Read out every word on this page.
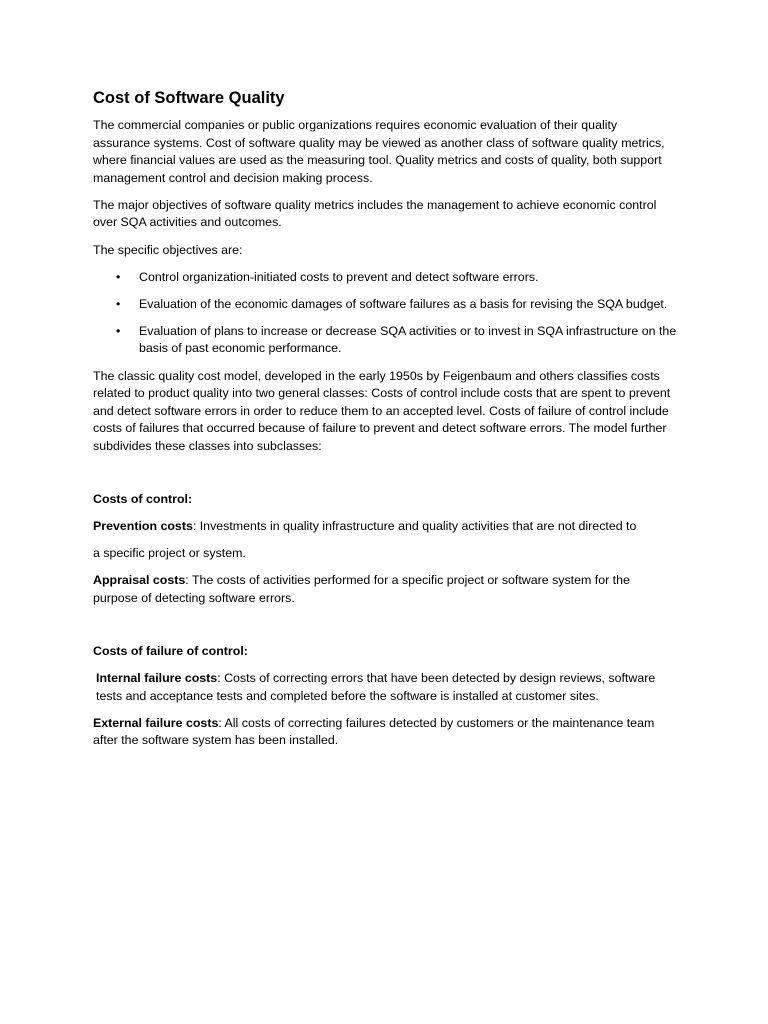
Cost of Software Quality

The commercial companies or public organizations requires economic evaluation of their quality assurance systems. Cost of software quality may be viewed as another class of software quality metrics, where financial values are used as the measuring tool. Quality metrics and costs of quality, both support management control and decision making process.

The major objectives of software quality metrics includes the management to achieve economic control over SQA activities and outcomes.

The specific objectives are:

• Control organization-initiated costs to prevent and detect software errors.
• Evaluation of the economic damages of software failures as a basis for revising the SQA budget.
• Evaluation of plans to increase or decrease SQA activities or to invest in SQA infrastructure on the basis of past economic performance.

The classic quality cost model, developed in the early 1950s by Feigenbaum and others classifies costs related to product quality into two general classes: Costs of control include costs that are spent to prevent and detect software errors in order to reduce them to an accepted level. Costs of failure of control include costs of failures that occurred because of failure to prevent and detect software errors. The model further subdivides these classes into subclasses:

Costs of control:

Prevention costs: Investments in quality infrastructure and quality activities that are not directed to

a specific project or system.

Appraisal costs: The costs of activities performed for a specific project or software system for the purpose of detecting software errors.

Costs of failure of control:

Internal failure costs: Costs of correcting errors that have been detected by design reviews, software tests and acceptance tests and completed before the software is installed at customer sites.

External failure costs: All costs of correcting failures detected by customers or the maintenance team after the software system has been installed.
